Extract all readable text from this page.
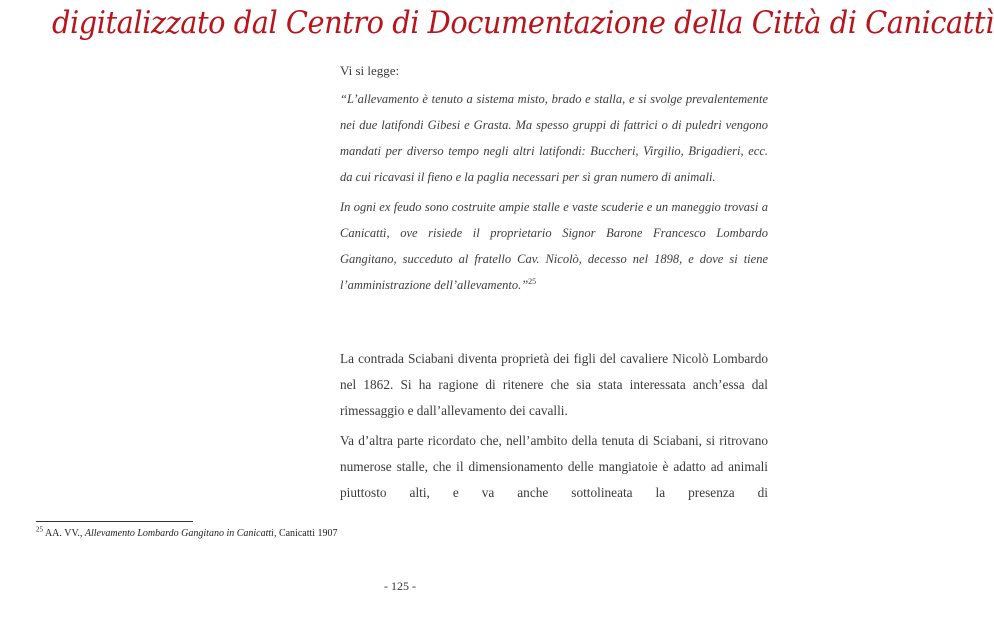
digitalizzato dal Centro di Documentazione della Città di Canicattì
Vi si legge:

“L’allevamento è tenuto a sistema misto, brado e stalla, e si svolge prevalentemente nei due latifondi Gibesi e Grasta. Ma spesso gruppi di fattrici o di puledri vengono mandati per diverso tempo negli altri latifondi: Buccheri, Virgilio, Brigadieri, ecc. da cui ricavasi il fieno e la paglia necessari per sì gran numero di animali.

In ogni ex feudo sono costruite ampie stalle e vaste scuderie e un maneggio trovasi a Canicattì, ove risiede il proprietario Signor Barone Francesco Lombardo Gangitano, succeduto al fratello Cav. Nicolò, decesso nel 1898, e dove si tiene l’amministrazione dell’allevamento.”$^{25}$

La contrada Sciabani diventa proprietà dei figli del cavaliere Nicolò Lombardo nel 1862. Si ha ragione di ritenere che sia stata interessata anch’essa dal rimessaggio e dall’allevamento dei cavalli.

Va d’altra parte ricordato che, nell’ambito della tenuta di Sciabani, si ritrovano numerose stalle, che il dimensionamento delle mangiatoie è adatto ad animali piuttosto alti, e va anche sottolineata la presenza di

$^{25}$ AA. VV., Allevamento Lombardo Gangitano in Canicattì, Canicattì 1907
- 125 -
